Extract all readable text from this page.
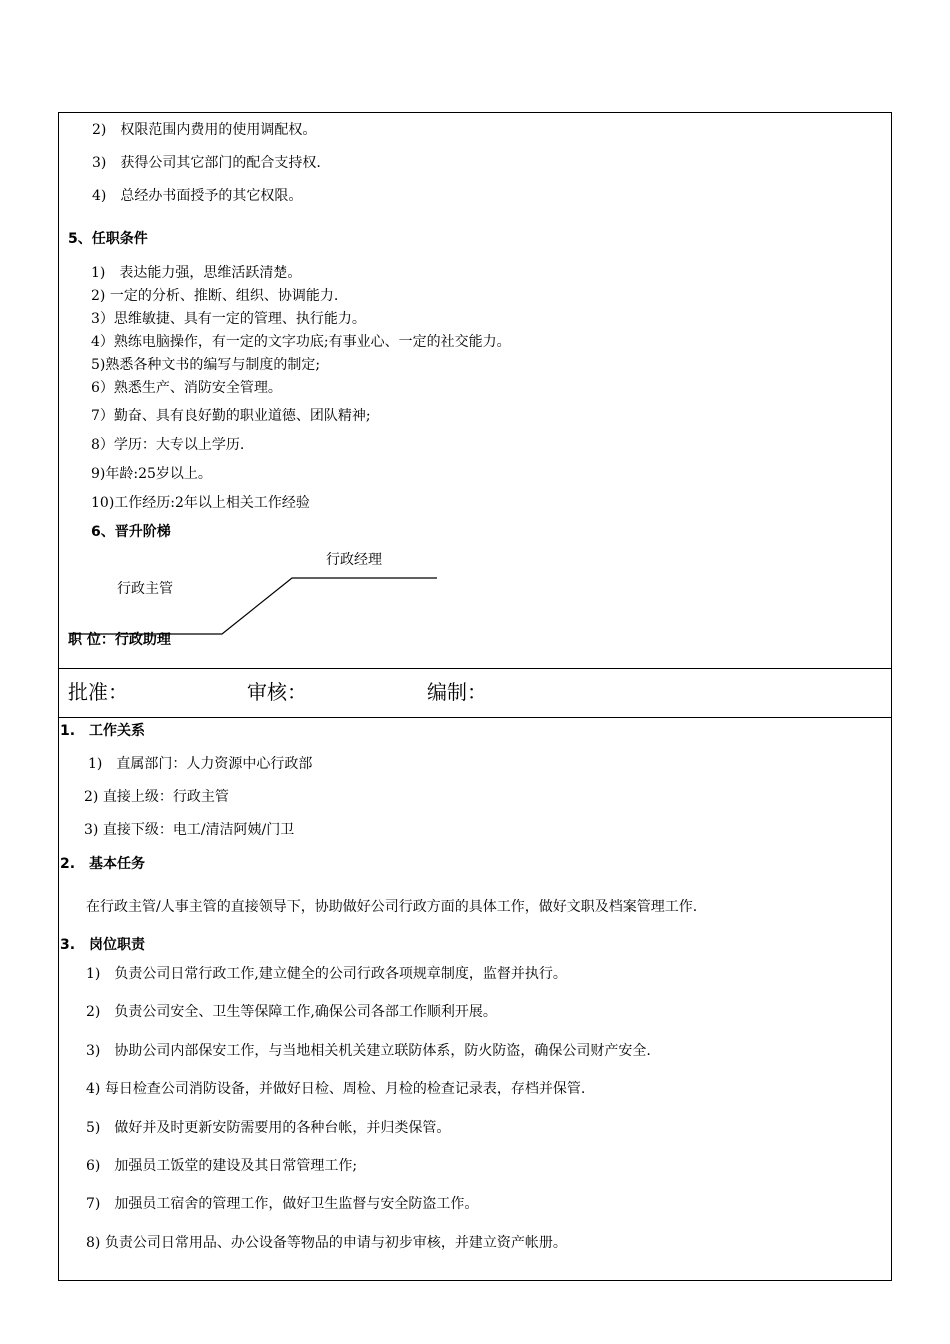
2)　权限范围内费用的使用调配权。
3)　获得公司其它部门的配合支持权.
4)　总经办书面授予的其它权限。
5、任职条件
1)　表达能力强，思维活跃清楚。
2) 一定的分析、推断、组织、协调能力.
3）思维敏捷、具有一定的管理、执行能力。
4）熟练电脑操作，有一定的文字功底;有事业心、一定的社交能力。
5)熟悉各种文书的编写与制度的制定;
6）熟悉生产、消防安全管理。
7）勤奋、具有良好勤的职业道德、团队精神;
8）学历：大专以上学历.
9)年龄:25岁以上。
10)工作经历:2年以上相关工作经验
6、晋升阶梯
行政经理
行政主管
职 位：行政助理
批准：	审核：	编制：
1.　工作关系
1)　直属部门：人力资源中心行政部
2) 直接上级：行政主管
3) 直接下级：电工/清洁阿姨/门卫
2.　基本任务
在行政主管/人事主管的直接领导下，协助做好公司行政方面的具体工作，做好文职及档案管理工作.
3.　岗位职责
1)　负责公司日常行政工作,建立健全的公司行政各项规章制度，监督并执行。
2)　负责公司安全、卫生等保障工作,确保公司各部工作顺利开展。
3)　协助公司内部保安工作，与当地相关机关建立联防体系，防火防盗，确保公司财产安全.
4) 每日检查公司消防设备，并做好日检、周检、月检的检查记录表，存档并保管.
5)　做好并及时更新安防需要用的各种台帐，并归类保管。
6)　加强员工饭堂的建设及其日常管理工作;
7)　加强员工宿舍的管理工作，做好卫生监督与安全防盗工作。
8) 负责公司日常用品、办公设备等物品的申请与初步审核，并建立资产帐册。
